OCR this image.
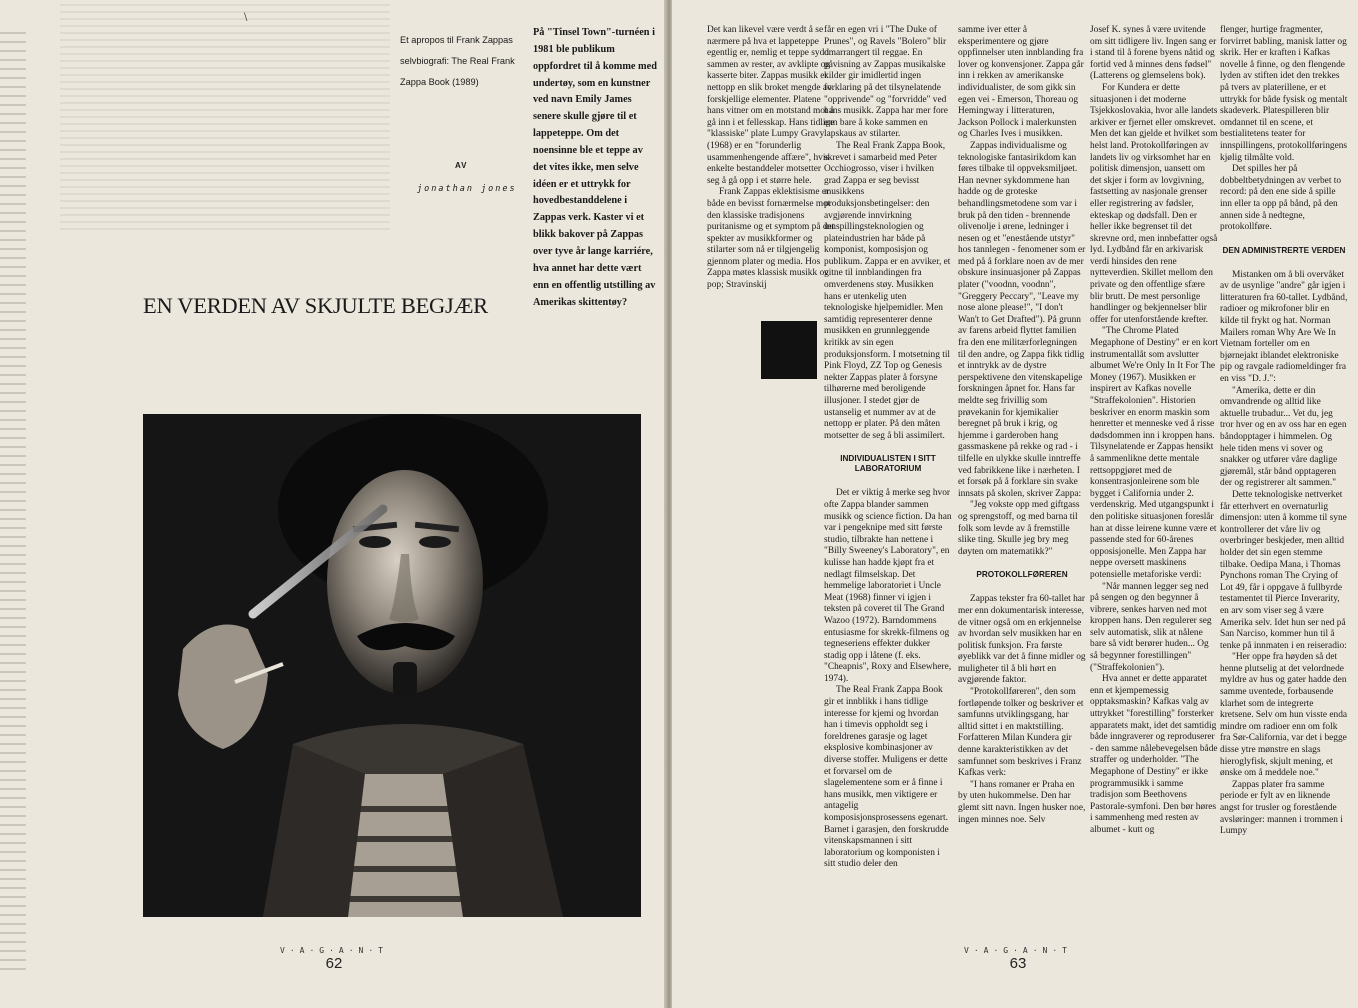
\
Et apropos til Frank Zappas selvbiografi: The Real Frank Zappa Book (1989)
AV
jonathan jones
På "Tinsel Town"-turnéen i 1981 ble publikum oppfordret til å komme med undertøy, som en kunstner ved navn Emily James senere skulle gjøre til et lappeteppe. Om det noensinne ble et teppe av det vites ikke, men selve idéen er et uttrykk for hovedbestanddelene i Zappas verk. Kaster vi et blikk bakover på Zappas over tyve år lange karriére, hva annet har dette vært enn en offentlig utstilling av Amerikas skittentøy?
EN VERDEN AV SKJULTE BEGJÆR
V·A·G·A·N·T
62

Det kan likevel være verdt å se nærmere på hva et lappeteppe egentlig er, nemlig et teppe sydd sammen av rester, av avklipte og kasserte biter. Zappas musikk er nettopp en slik broket mengde av forskjellige elementer. Platene hans vitner om en motstand mot å gå inn i et fellesskap. Hans tidlige "klassiske" plate Lumpy Gravy (1968) er en "forunderlig usammenhengende affære", hvis enkelte bestanddeler motsetter seg å gå opp i et større hele.

Frank Zappas eklektisisme er både en bevisst fornærmelse mot den klassiske tradisjonens puritanisme og et symptom på det spekter av musikkformer og stilarter som nå er tilgjengelig gjennom plater og media. Hos Zappa møtes klassisk musikk og pop; Stravinskij

får en egen vri i "The Duke of Prunes", og Ravels "Bolero" blir omarrangert til reggae. En påvisning av Zappas musikalske kilder gir imidlertid ingen forklaring på det tilsynelatende "opprivende" og "forvridde" ved hans musikk. Zappa har mer fore enn bare å koke sammen en lapskaus av stilarter.

The Real Frank Zappa Book, skrevet i samarbeid med Peter Occhiogrosso, viser i hvilken grad Zappa er seg bevisst musikkens produksjonsbetingelser: den avgjørende innvirkning innspillingsteknologien og plateindustrien har både på komponist, komposisjon og publikum. Zappa er en avviker, et vitne til innblandingen fra omverdenens støy. Musikken hans er utenkelig uten teknologiske hjelpemidler. Men samtidig representerer denne musikken en grunnleggende kritikk av sin egen produksjonsform. I motsetning til Pink Floyd, ZZ Top og Genesis nekter Zappas plater å forsyne tilhørerne med beroligende illusjoner. I stedet gjør de ustanselig et nummer av at de nettopp er plater. På den måten motsetter de seg å bli assimilert.

INDIVIDUALISTEN I SITT LABORATORIUM

Det er viktig å merke seg hvor ofte Zappa blander sammen musikk og science fiction. Da han var i pengeknipe med sitt første studio, tilbrakte han nettene i "Billy Sweeney's Laboratory", en kulisse han hadde kjøpt fra et nedlagt filmselskap. Det hemmelige laboratoriet i Uncle Meat (1968) finner vi igjen i teksten på coveret til The Grand Wazoo (1972). Barndommens entusiasme for skrekk-filmens og tegneseriens effekter dukker stadig opp i låtene (f. eks. "Cheapnis", Roxy and Elsewhere, 1974).

The Real Frank Zappa Book gir et innblikk i hans tidlige interesse for kjemi og hvordan han i timevis oppholdt seg i foreldrenes garasje og laget eksplosive kombinasjoner av diverse stoffer. Muligens er dette et forvarsel om de slagelementene som er å finne i hans musikk, men viktigere er antagelig komposisjonsprosessens egenart. Barnet i garasjen, den forskrudde vitenskapsmannen i sitt laboratorium og komponisten i sitt studio deler den

samme iver etter å eksperimentere og gjøre oppfinnelser uten innblanding fra lover og konvensjoner. Zappa går inn i rekken av amerikanske individualister, de som gikk sin egen vei - Emerson, Thoreau og Hemingway i litteraturen, Jackson Pollock i malerkunsten og Charles Ives i musikken.

Zappas individualisme og teknologiske fantasirikdom kan føres tilbake til oppveksmiljøet. Han nevner sykdommene han hadde og de groteske behandlingsmetodene som var i bruk på den tiden - brennende olivenolje i ørene, ledninger i nesen og et "enestående utstyr" hos tannlegen - fenomener som er med på å forklare noen av de mer obskure insinuasjoner på Zappas plater ("voodnn, voodnn", "Greggery Peccary", "Leave my nose alone please!", "I don't Wan't to Get Drafted"). På grunn av farens arbeid flyttet familien fra den ene militærforlegningen til den andre, og Zappa fikk tidlig et inntrykk av de dystre perspektivene den vitenskapelige forskningen åpnet for. Hans far meldte seg frivillig som prøvekanin for kjemikalier beregnet på bruk i krig, og hjemme i garderoben hang gassmaskene på rekke og rad - i tilfelle en ulykke skulle inntreffe ved fabrikkene like i nærheten. I et forsøk på å forklare sin svake innsats på skolen, skriver Zappa:

"Jeg vokste opp med giftgass og sprengstoff, og med barna til folk som levde av å fremstille slike ting. Skulle jeg bry meg døyten om matematikk?"

PROTOKOLLFØREREN

Zappas tekster fra 60-tallet har mer enn dokumentarisk interesse, de vitner også om en erkjennelse av hvordan selv musikken har en politisk funksjon. Fra første øyeblikk var det å finne midler og muligheter til å bli hørt en avgjørende faktor.

"Protokollføreren", den som fortløpende tolker og beskriver et samfunns utviklingsgang, har alltid sittet i en maktstilling. Forfatteren Milan Kundera gir denne karakteristikken av det samfunnet som beskrives i Franz Kafkas verk:

"I hans romaner er Praha en by uten hukommelse. Den har glemt sitt navn. Ingen husker noe, ingen minnes noe. Selv

Josef K. synes å være uvitende om sitt tidligere liv. Ingen sang er i stand til å forene byens nåtid og fortid ved å minnes dens fødsel" (Latterens og glemselens bok).

For Kundera er dette situasjonen i det moderne Tsjekkoslovakia, hvor alle landets arkiver er fjernet eller omskrevet. Men det kan gjelde et hvilket som helst land. Protokollføringen av landets liv og virksomhet har en politisk dimensjon, uansett om det skjer i form av lovgivning, fastsetting av nasjonale grenser eller registrering av fødsler, ekteskap og dødsfall. Den er heller ikke begrenset til det skrevne ord, men innbefatter også lyd. Lydbånd får en arkivarisk verdi hinsides den rene nytteverdien. Skillet mellom den private og den offentlige sfære blir brutt. De mest personlige handlinger og bekjennelser blir offer for utenforstående krefter.

"The Chrome Plated Megaphone of Destiny" er en kort instrumentallåt som avslutter albumet We're Only In It For The Money (1967). Musikken er inspirert av Kafkas novelle "Straffekolonien". Historien beskriver en enorm maskin som henretter et menneske ved å risse dødsdommen inn i kroppen hans. Tilsynelatende er Zappas hensikt å sammenlikne dette mentale rettsoppgjøret med de konsentrasjonleirene som ble bygget i California under 2. verdenskrig. Med utgangspunkt i den politiske situasjonen foreslår han at disse leirene kunne være et passende sted for 60-årenes opposisjonelle. Men Zappa har neppe oversett maskinens potensielle metaforiske verdi:

"Når mannen legger seg ned på sengen og den begynner å vibrere, senkes harven ned mot kroppen hans. Den regulerer seg selv automatisk, slik at nålene bare så vidt berører huden... Og så begynner forestillingen" ("Straffekolonien").

Hva annet er dette apparatet enn et kjempemessig opptaksmaskin? Kafkas valg av uttrykket "forestilling" forsterker apparatets makt, idet det samtidig både inngraverer og reproduserer - den samme nålebevegelsen både straffer og underholder. "The Megaphone of Destiny" er ikke programmusikk i samme tradisjon som Beethovens Pastorale-symfoni. Den bør høres i sammenheng med resten av albumet - kutt og

flenger, hurtige fragmenter, forvirret babling, manisk latter og skrik. Her er kraften i Kafkas novelle å finne, og den flengende lyden av stiften idet den trekkes på tvers av platerillene, er et uttrykk for både fysisk og mentalt skadeverk. Platespilleren blir omdannet til en scene, et bestialitetens teater for innspillingens, protokollføringens kjølig tilmålte vold.

Det spilles her på dobbeltbetydningen av verbet to record: på den ene side å spille inn eller ta opp på bånd, på den annen side å nedtegne, protokollføre.

DEN ADMINISTRERTE VERDEN

Mistanken om å bli overvåket av de usynlige "andre" går igjen i litteraturen fra 60-tallet. Lydbånd, radioer og mikrofoner blir en kilde til frykt og hat. Norman Mailers roman Why Are We In Vietnam forteller om en bjørnejakt iblandet elektroniske pip og ravgale radiomeldinger fra en viss "D. J.":

"Amerika, dette er din omvandrende og alltid like aktuelle trubadur... Vet du, jeg tror hver og en av oss har en egen båndopptager i himmelen. Og hele tiden mens vi sover og snakker og utfører våre daglige gjøremål, står bånd opptageren der og registrerer alt sammen."

Dette teknologiske nettverket får etterhvert en overnaturlig dimensjon: uten å komme til syne kontrollerer det våre liv og overbringer beskjeder, men alltid holder det sin egen stemme tilbake. Oedipa Mana, i Thomas Pynchons roman The Crying of Lot 49, får i oppgave å fullbyrde testamentet til Pierce Inverarity, en arv som viser seg å være Amerika selv. Idet hun ser ned på San Narciso, kommer hun til å tenke på innmaten i en reiseradio:

"Her oppe fra høyden så det henne plutselig at det velordnede myldre av hus og gater hadde den samme uventede, forbausende klarhet som de integrerte kretsene. Selv om hun visste enda mindre om radioer enn om folk fra Sør-California, var det i begge disse ytre mønstre en slags hieroglyfisk, skjult mening, et ønske om å meddele noe."

Zappas plater fra samme periode er fylt av en liknende angst for trusler og forestående avsløringer: mannen i trommen i Lumpy

V·A·G·A·N·T
63
